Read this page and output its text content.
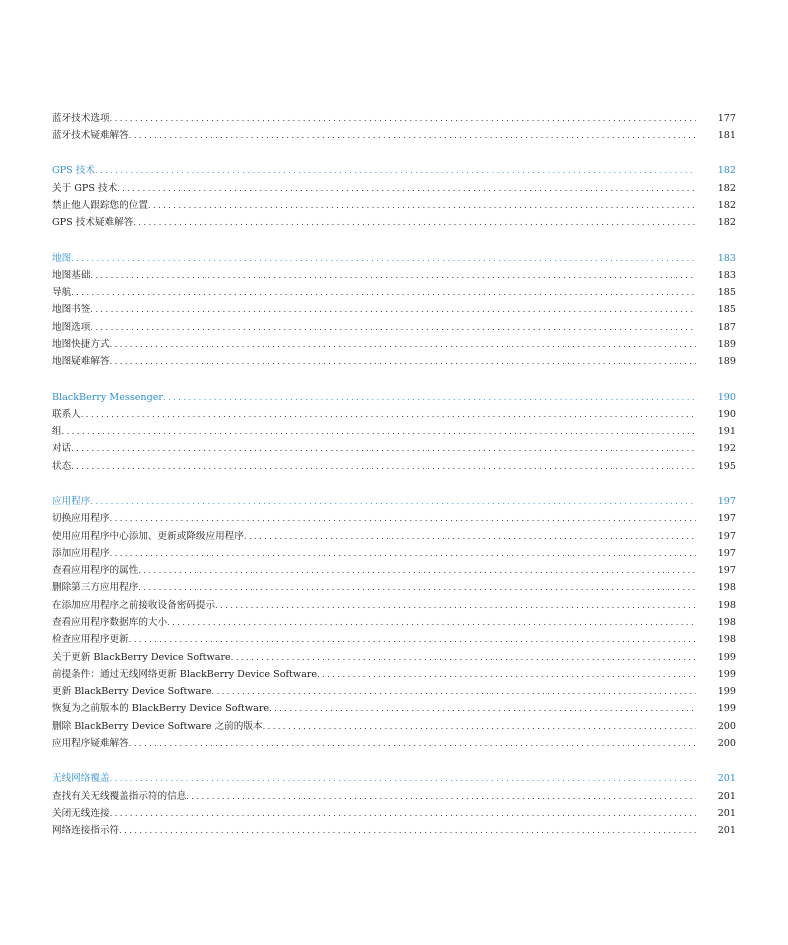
蓝牙技术选项 . . .	177
蓝牙技术疑难解答 . . .	181
GPS 技术 . . .	182
关于 GPS 技术 . . .	182
禁止他人跟踪您的位置 . . .	182
GPS 技术疑难解答 . . .	182
地图 . . .	183
地图基础 . . .	183
导航 . . .	185
地图书签 . . .	185
地图选项 . . .	187
地图快捷方式 . . .	189
地图疑难解答 . . .	189
BlackBerry Messenger . . .	190
联系人 . . .	190
组 . . .	191
对话 . . .	192
状态 . . .	195
应用程序 . . .	197
切换应用程序 . . .	197
使用应用程序中心添加、更新或降级应用程序 . . .	197
添加应用程序 . . .	197
查看应用程序的属性 . . .	197
删除第三方应用程序 . . .	198
在添加应用程序之前接收设备密码提示 . . .	198
查看应用程序数据库的大小 . . .	198
检查应用程序更新 . . .	198
关于更新 BlackBerry Device Software . . .	199
前提条件：通过无线网络更新 BlackBerry Device Software . . .	199
更新 BlackBerry Device Software . . .	199
恢复为之前版本的 BlackBerry Device Software . . .	199
删除 BlackBerry Device Software 之前的版本 . . .	200
应用程序疑难解答 . . .	200
无线网络覆盖 . . .	201
查找有关无线覆盖指示符的信息 . . .	201
关闭无线连接 . . .	201
网络连接指示符 . . .	201
